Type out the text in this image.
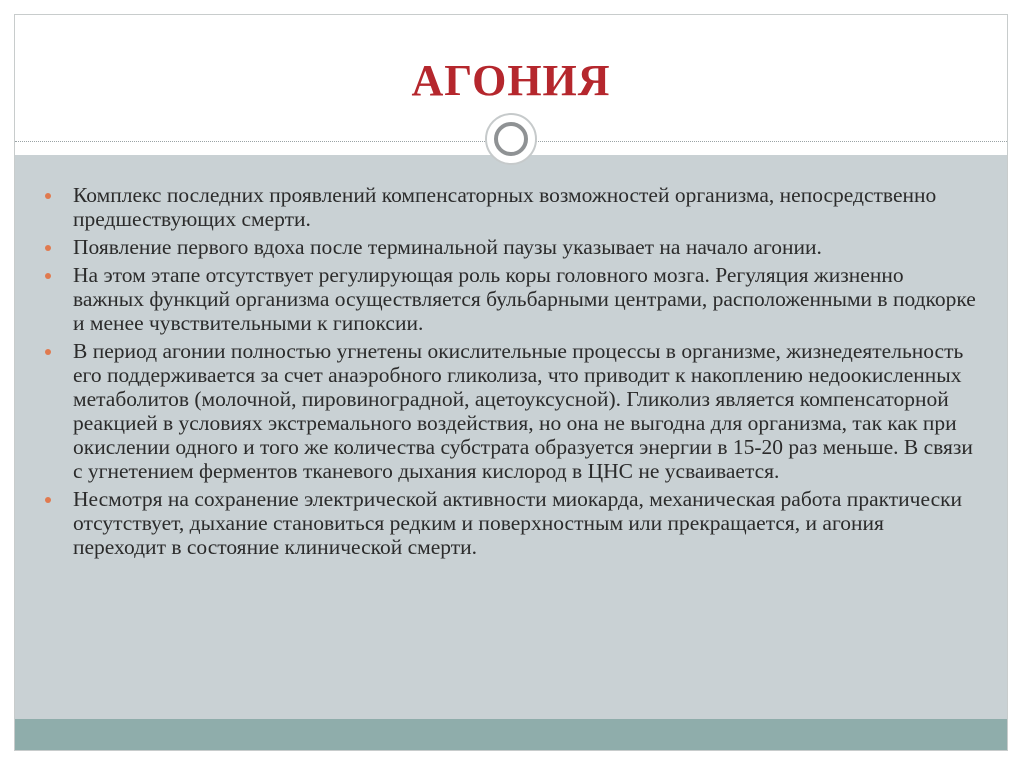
АГОНИЯ

Комплекс последних проявлений компенсаторных возможностей организма, непосредственно предшествующих смерти.

Появление первого вдоха после терминальной паузы указывает на начало агонии.

На этом этапе отсутствует регулирующая роль коры головного мозга. Регуляция жизненно важных функций организма осуществляется бульбарными центрами, расположенными в подкорке и менее чувствительными к гипоксии.

В период агонии полностью угнетены окислительные процессы в организме, жизнедеятельность его поддерживается за счет анаэробного гликолиза, что приводит к накоплению недоокисленных метаболитов (молочной, пировиноградной, ацетоуксусной). Гликолиз является компенсаторной реакцией в условиях экстремального воздействия, но она не выгодна для организма, так как при окислении одного и того же количества субстрата образуется энергии в 15-20 раз меньше. В связи с угнетением ферментов тканевого дыхания кислород в ЦНС не усваивается.

Несмотря на сохранение электрической активности миокарда, механическая работа практически отсутствует, дыхание становиться редким и поверхностным или прекращается, и агония переходит в состояние клинической смерти.
